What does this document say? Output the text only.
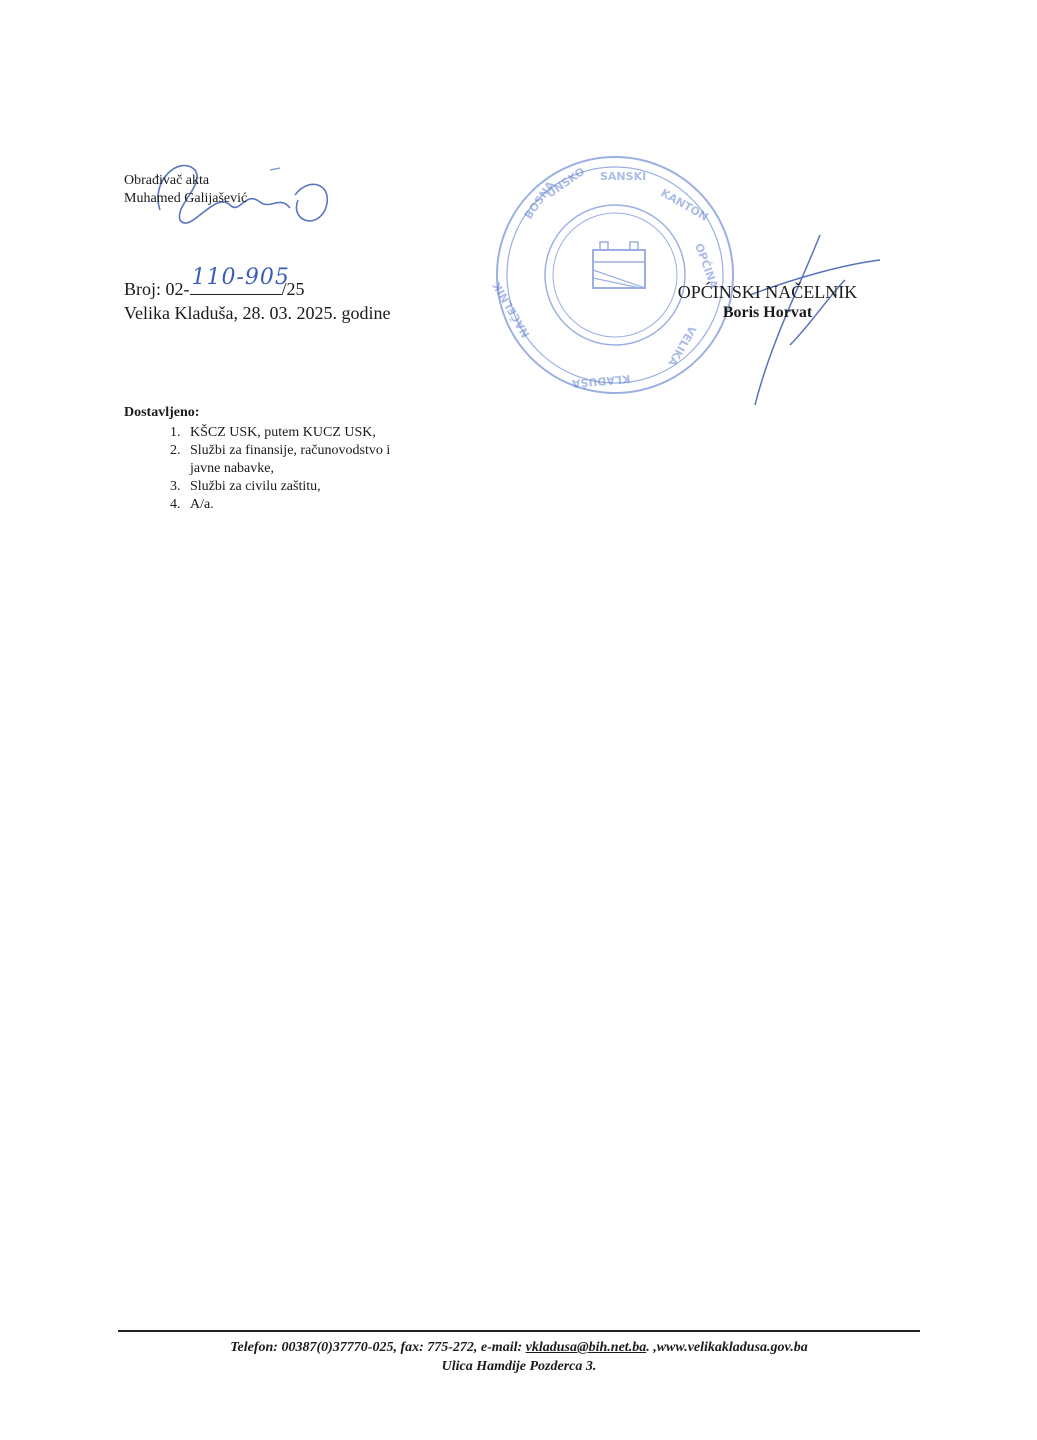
Obrađivač akta
Muhamed Galijašević
Broj: 02- 110-905
/25
Velika Kladuša, 28. 03. 2025. godine
BOSNA
UNSKO SANSKI
KANTON
OPĆINA
VELIKA
KLADUŠA
NAČELNIK	OPĆINSKI NAČELNIK
Boris Horvat
Dostavljeno:
1. KŠCZ USK, putem KUCZ USK,
2. Službi za finansije, računovodstvo i javne nabavke,
3. Službi za civilu zaštitu,
4. A/a.
Telefon: 00387(0)37770-025, fax: 775-272, e-mail: vkladusa@bih.net.ba. ,www.velikakladusa.gov.ba
Ulica Hamdije Pozderca 3.
